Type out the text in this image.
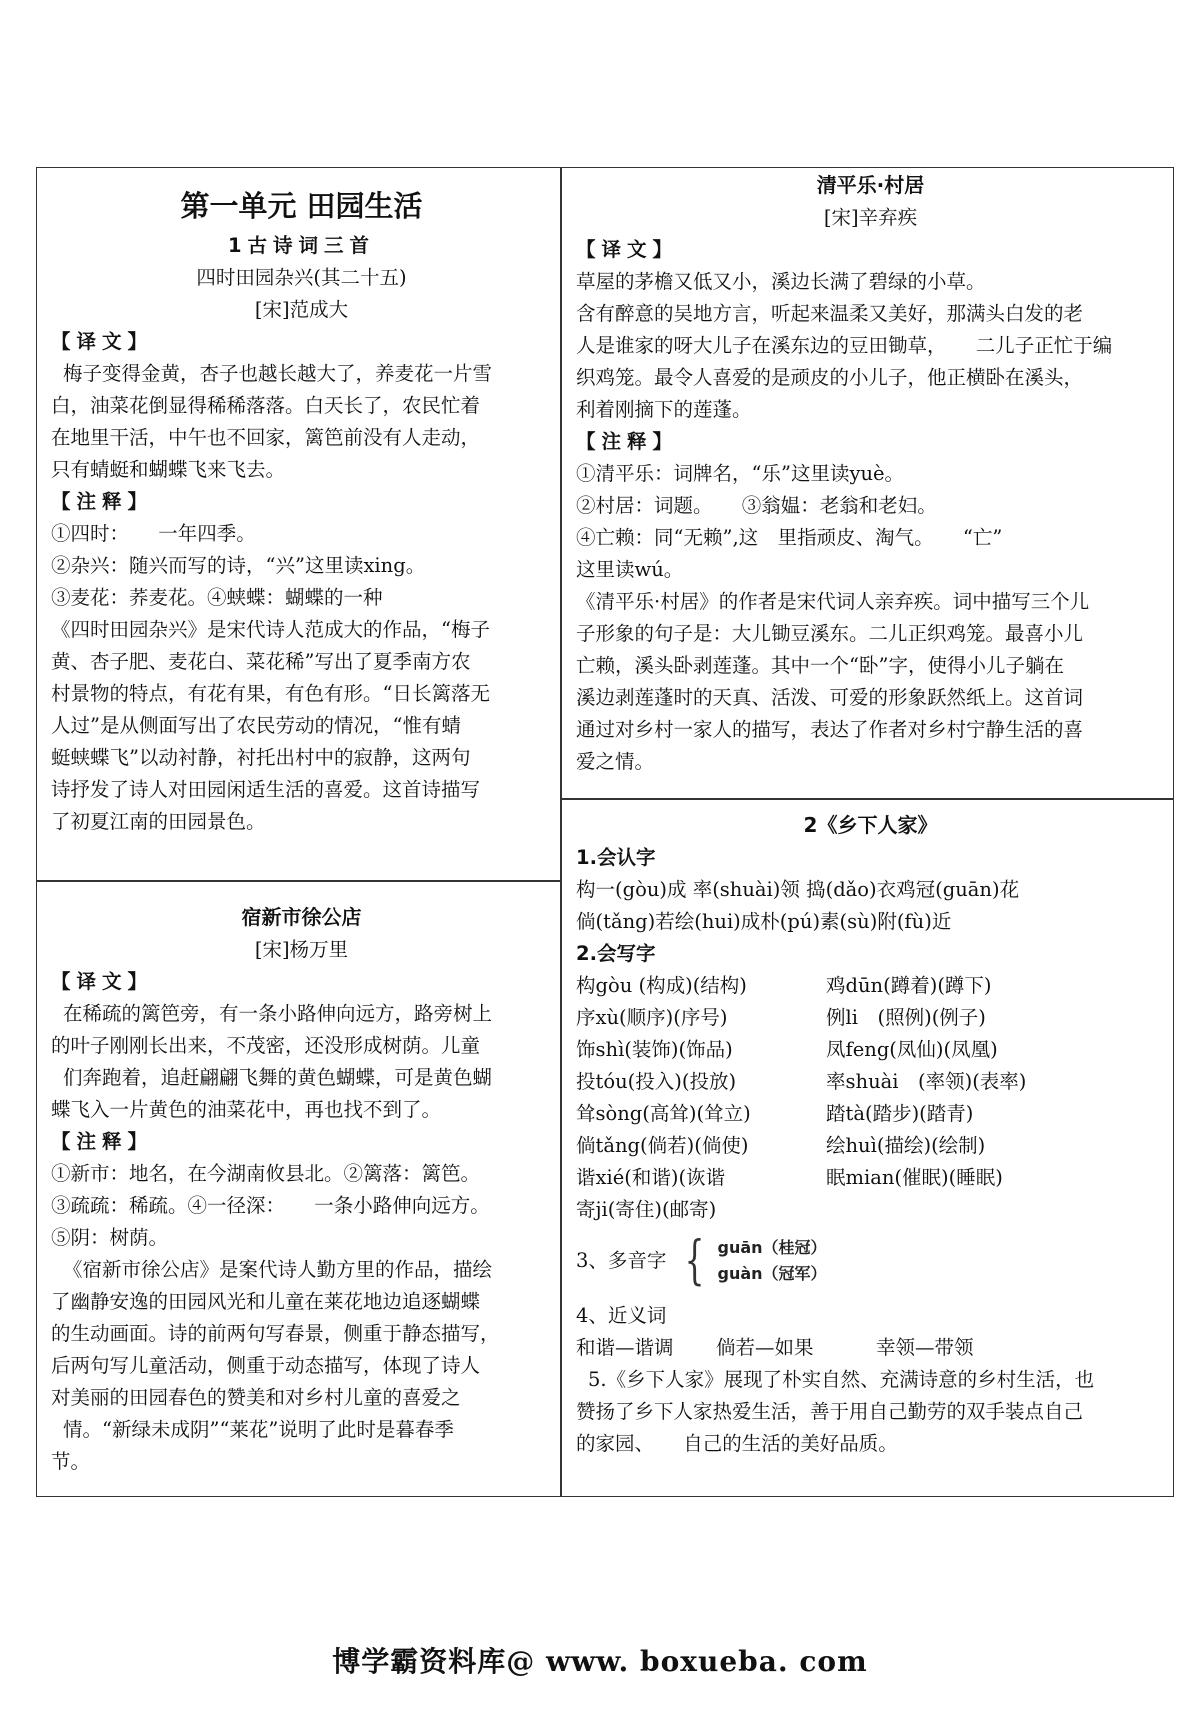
第一单元 田园生活
1古诗词三首

四时田园杂兴(其二十五)

[宋]范成大

【译文】

梅子变得金黄，杏子也越长越大了，养麦花一片雪

白，油菜花倒显得稀稀落落。白天长了，农民忙着

在地里干活，中午也不回家，篱笆前没有人走动，

只有蜻蜓和蝴蝶飞来飞去。

【注释】

①四时：　　一年四季。

②杂兴：随兴而写的诗，“兴”这里读xing。

③麦花：荞麦花。④蛱蝶：蝴蝶的一种

《四时田园杂兴》是宋代诗人范成大的作品，“梅子

黄、杏子肥、麦花白、菜花稀”写出了夏季南方农

村景物的特点，有花有果，有色有形。“日长篱落无

人过”是从侧面写出了农民劳动的情况，“惟有蜻

蜓蛱蝶飞”以动衬静，衬托出村中的寂静，这两句

诗抒发了诗人对田园闲适生活的喜爱。这首诗描写

了初夏江南的田园景色。

宿新市徐公店

[宋]杨万里

【译文】

在稀疏的篱笆旁，有一条小路伸向远方，路旁树上

的叶子刚刚长出来，不茂密，还没形成树荫。儿童

们奔跑着，追赶翩翩飞舞的黄色蝴蝶，可是黄色蝴

蝶飞入一片黄色的油菜花中，再也找不到了。

【注释】

①新市：地名，在今湖南攸县北。②篱落：篱笆。

③疏疏：稀疏。④一径深：　　一条小路伸向远方。

⑤阴：树荫。

《宿新市徐公店》是案代诗人勤方里的作品，描绘

了幽静安逸的田园风光和儿童在莱花地边追逐蝴蝶

的生动画面。诗的前两句写春景，侧重于静态描写，

后两句写儿童活动，侧重于动态描写，体现了诗人

对美丽的田园春色的赞美和对乡村儿童的喜爱之

情。“新绿未成阴”“莱花”说明了此时是暮春季

节。

清平乐·村居

[宋]辛弃疾

【译文】

草屋的茅檐又低又小，溪边长满了碧绿的小草。

含有醉意的吴地方言，听起来温柔又美好，那满头白发的老

人是谁家的呀大儿子在溪东边的豆田锄草，　　二儿子正忙于编

织鸡笼。最令人喜爱的是顽皮的小儿子，他正横卧在溪头，

利着刚摘下的莲蓬。

【注释】

①清平乐：词牌名，“乐”这里读yuè。

②村居：词题。　　③翁媪：老翁和老妇。

④亡赖：同“无赖”,这　里指顽皮、淘气。　　“亡”

这里读wú。

《清平乐·村居》的作者是宋代词人亲弃疾。词中描写三个儿

子形象的句子是：大儿锄豆溪东。二儿正织鸡笼。最喜小儿

亡赖，溪头卧剥莲蓬。其中一个“卧”字，使得小儿子躺在

溪边剥莲蓬时的天真、活泼、可爱的形象跃然纸上。这首词

通过对乡村一家人的描写，表达了作者对乡村宁静生活的喜

爱之情。

2《乡下人家》

1.会认字

构一(gòu)成 率(shuài)领 捣(dǎo)衣鸡冠(guān)花

倘(tǎng)若绘(hui)成朴(pú)素(sù)附(fù)近

2.会写字

构gòu (构成)(结构)	鸡dūn(蹲着)(蹲下)
序xù(顺序)(序号)	例li　(照例)(例子)
饰shì(装饰)(饰品)	凤feng(凤仙)(凤凰)
投tóu(投入)(投放)	率shuài　(率领)(表率)
耸sòng(高耸)(耸立)	踏tà(踏步)(踏青)
倘tǎng(倘若)(倘使)	绘huì(描绘)(绘制)
谐xié(和谐)(诙谐	眠mian(催眠)(睡眠)
寄ji(寄住)(邮寄)
3、多音字 { guān（桂冠）
guàn（冠军）

4、近义词

和谐—谐调	倘若—如果	幸领—带领

5.《乡下人家》展现了朴实自然、充满诗意的乡村生活，也

赞扬了乡下人家热爱生活，善于用自己勤劳的双手装点自己

的家园、　　自己的生活的美好品质。

博学霸资料库@ www. boxueba. com
